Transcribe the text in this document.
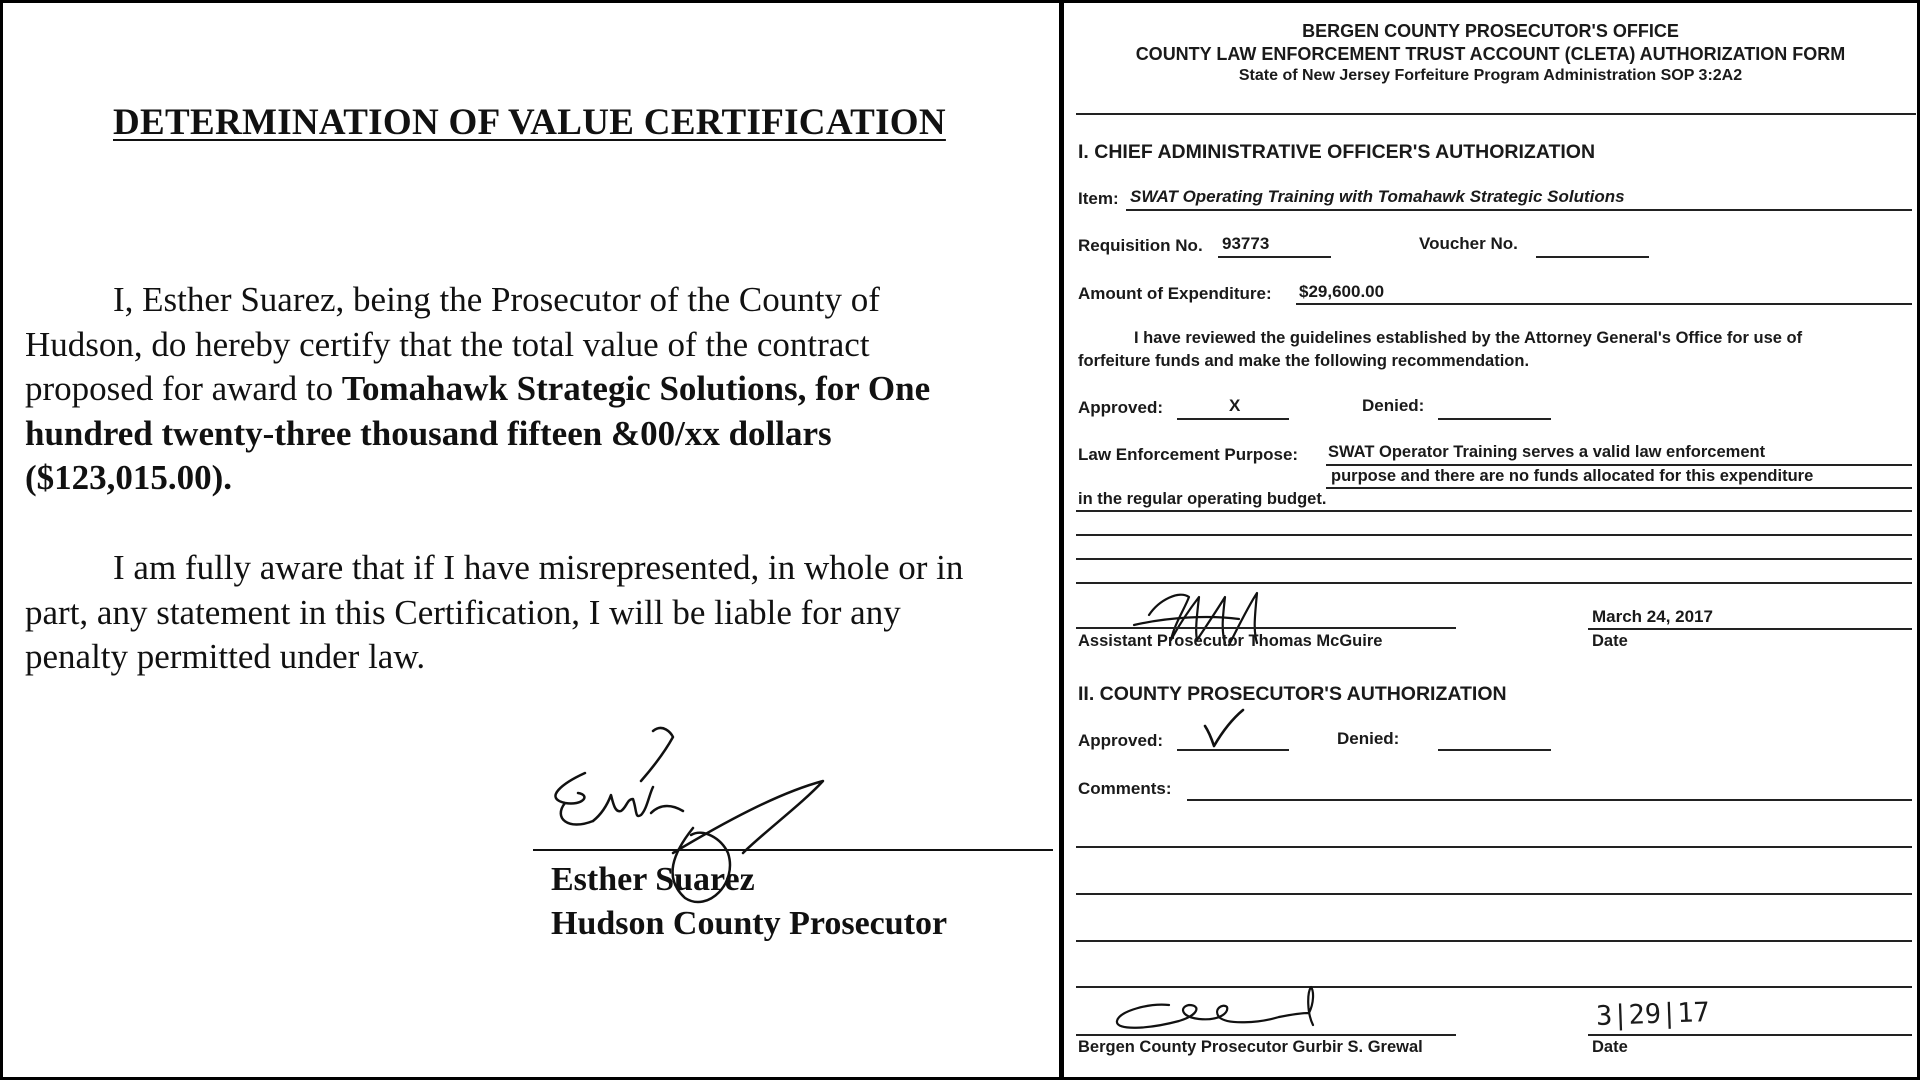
DETERMINATION OF VALUE CERTIFICATION

I, Esther Suarez, being the Prosecutor of the County of
Hudson, do hereby certify that the total value of the contract
proposed for award to Tomahawk Strategic Solutions, for One
hundred twenty-three thousand fifteen &00/xx dollars
($123,015.00).

I am fully aware that if I have misrepresented, in whole or in
part, any statement in this Certification, I will be liable for any
penalty permitted under law.

Esther Suarez
Hudson County Prosecutor
BERGEN COUNTY PROSECUTOR'S OFFICE
COUNTY LAW ENFORCEMENT TRUST ACCOUNT (CLETA) AUTHORIZATION FORM
State of New Jersey Forfeiture Program Administration SOP 3:2A2
I. CHIEF ADMINISTRATIVE OFFICER'S AUTHORIZATION
Item: SWAT Operating Training with Tomahawk Strategic Solutions
Requisition No. 93773	Voucher No.
Amount of Expenditure: $29,600.00
I have reviewed the guidelines established by the Attorney General's Office for use of
forfeiture funds and make the following recommendation.
Approved:	X	Denied:
Law Enforcement Purpose: SWAT Operator Training serves a valid law enforcement
purpose and there are no funds allocated for this expenditure
in the regular operating budget.
Assistant Prosecutor Thomas McGuire
March 24, 2017
Date
II. COUNTY PROSECUTOR'S AUTHORIZATION
Approved:	Denied:
Comments:
Bergen County Prosecutor Gurbir S. Grewal
3|29|17
Date
